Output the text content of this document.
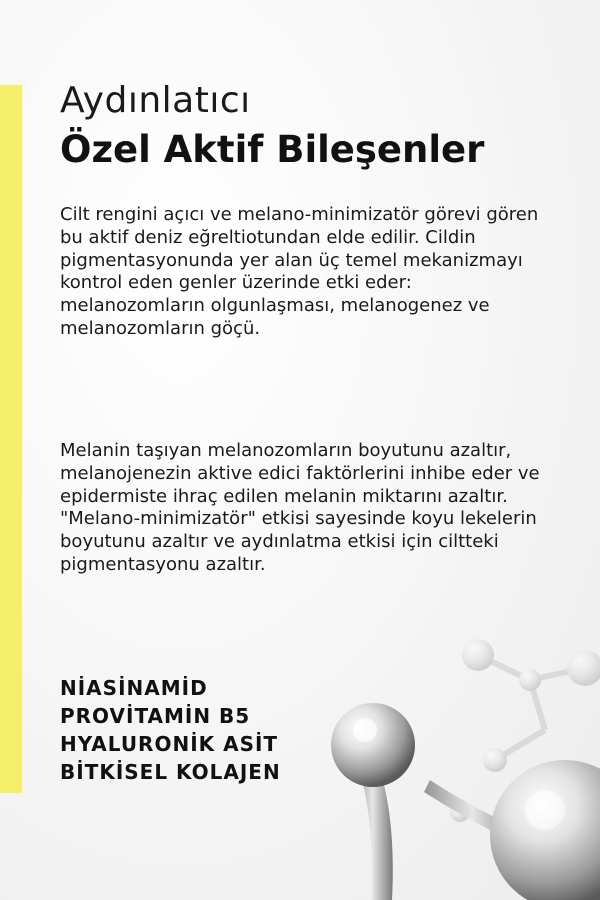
Aydınlatıcı
Özel Aktif Bileşenler

Cilt rengini açıcı ve melano-minimizatör görevi gören bu aktif deniz eğreltiotundan elde edilir. Cildin pigmentasyonunda yer alan üç temel mekanizmayı kontrol eden genler üzerinde etki eder: melanozomların olgunlaşması, melanogenez ve melanozomların göçü.

Melanin taşıyan melanozomların boyutunu azaltır, melanojenezin aktive edici faktörlerini inhibe eder ve epidermiste ihraç edilen melanin miktarını azaltır. "Melano-minimizatör" etkisi sayesinde koyu lekelerin boyutunu azaltır ve aydınlatma etkisi için ciltteki pigmentasyonu azaltır.

NİASİNAMİD
PROVİTAMİN B5
HYALURONİK ASİT
BİTKİSEL KOLAJEN
